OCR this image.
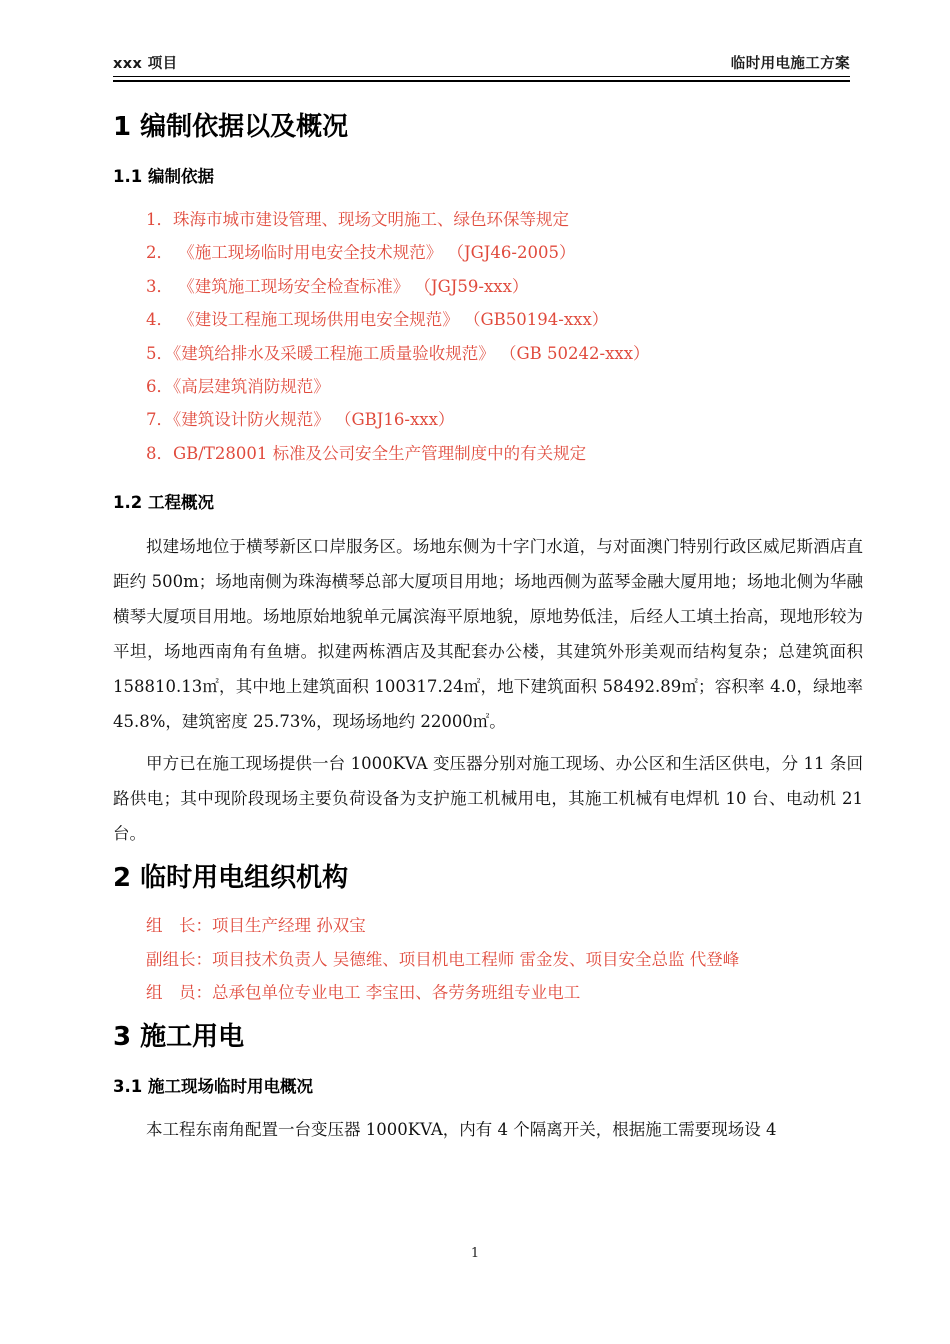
xxx 项目	临时用电施工方案
1 编制依据以及概况
1.1 编制依据
1．珠海市城市建设管理、现场文明施工、绿色环保等规定
2． 《施工现场临时用电安全技术规范》 （JGJ46-2005）
3． 《建筑施工现场安全检查标准》 （JGJ59-xxx）
4． 《建设工程施工现场供用电安全规范》 （GB50194-xxx）
5．《建筑给排水及采暖工程施工质量验收规范》 （GB 50242-xxx）
6．《高层建筑消防规范》
7．《建筑设计防火规范》 （GBJ16-xxx）
8．GB/T28001 标准及公司安全生产管理制度中的有关规定
1.2 工程概况

拟建场地位于横琴新区口岸服务区。场地东侧为十字门水道，与对面澳门特别行政区威尼斯酒店直距约 500m；场地南侧为珠海横琴总部大厦项目用地；场地西侧为蓝琴金融大厦用地；场地北侧为华融横琴大厦项目用地。场地原始地貌单元属滨海平原地貌，原地势低洼，后经人工填土抬高，现地形较为平坦，场地西南角有鱼塘。拟建两栋酒店及其配套办公楼，其建筑外形美观而结构复杂；总建筑面积 158810.13㎡，其中地上建筑面积 100317.24㎡，地下建筑面积 58492.89㎡；容积率 4.0，绿地率 45.8%，建筑密度 25.73%，现场场地约 22000㎡。

甲方已在施工现场提供一台 1000KVA 变压器分别对施工现场、办公区和生活区供电，分 11 条回路供电；其中现阶段现场主要负荷设备为支护施工机械用电，其施工机械有电焊机 10 台、电动机 21 台。

2 临时用电组织机构
组　长：项目生产经理 孙双宝
副组长：项目技术负责人 吴德维、项目机电工程师 雷金发、项目安全总监 代登峰
组　员：总承包单位专业电工 李宝田、各劳务班组专业电工
3 施工用电
3.1 施工现场临时用电概况

本工程东南角配置一台变压器 1000KVA，内有 4 个隔离开关，根据施工需要现场设 4

1
